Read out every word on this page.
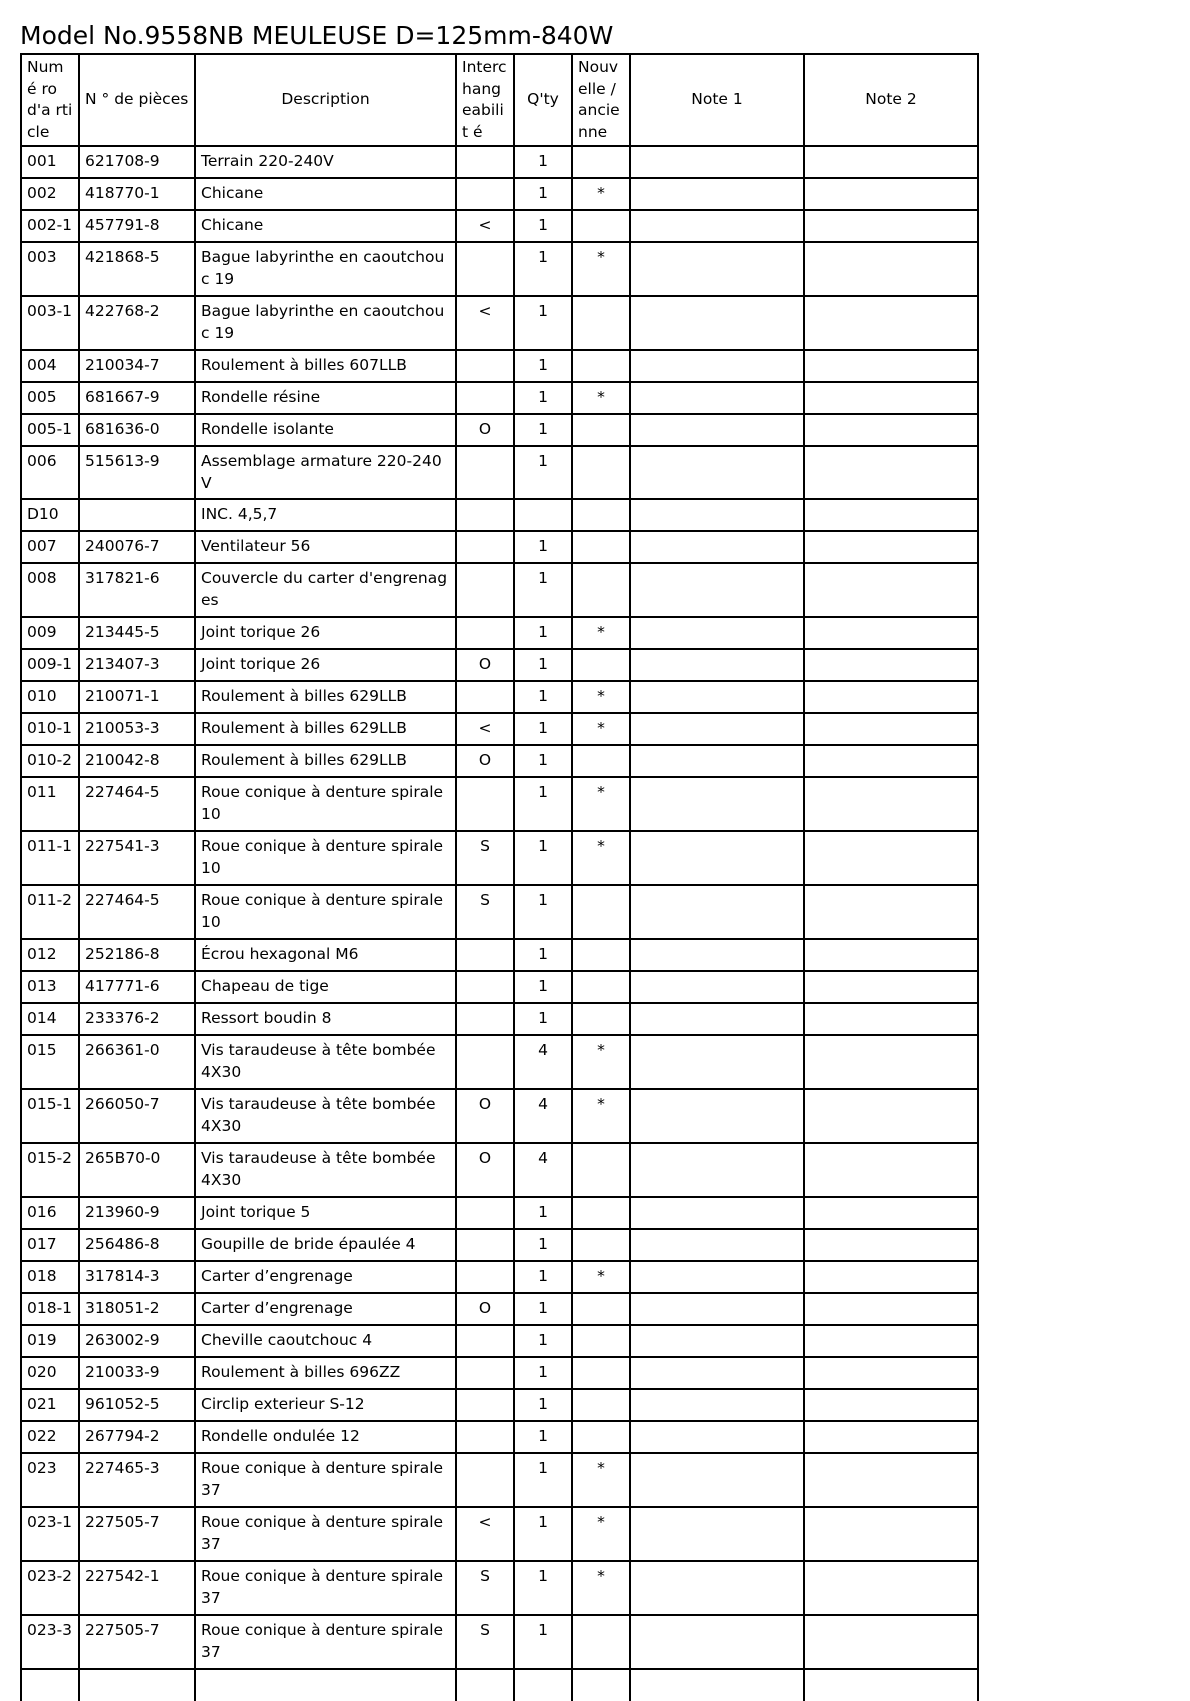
Model No.9558NB MEULEUSE D=125mm-840W
Numé ro d'a rticle	N ° de pièces	Description	Interc hang eabilit é	Q'ty	Nouv elle / ancie nne	Note 1	Note 2
001	621708-9	Terrain 220-240V		1			
002	418770-1	Chicane		1	*		
002-1	457791-8	Chicane	<	1			
003	421868-5	Bague labyrinthe en caoutchouc 19		1	*		
003-1	422768-2	Bague labyrinthe en caoutchouc 19	<	1			
004	210034-7	Roulement à billes 607LLB		1			
005	681667-9	Rondelle résine		1	*		
005-1	681636-0	Rondelle isolante	O	1			
006	515613-9	Assemblage armature 220-240V		1			
D10		INC. 4,5,7					
007	240076-7	Ventilateur 56		1			
008	317821-6	Couvercle du carter d'engrenages		1			
009	213445-5	Joint torique 26		1	*		
009-1	213407-3	Joint torique 26	O	1			
010	210071-1	Roulement à billes 629LLB		1	*		
010-1	210053-3	Roulement à billes 629LLB	<	1	*		
010-2	210042-8	Roulement à billes 629LLB	O	1			
011	227464-5	Roue conique à denture spirale 10		1	*		
011-1	227541-3	Roue conique à denture spirale 10	S	1	*		
011-2	227464-5	Roue conique à denture spirale 10	S	1			
012	252186-8	Écrou hexagonal M6		1			
013	417771-6	Chapeau de tige		1			
014	233376-2	Ressort boudin 8		1			
015	266361-0	Vis taraudeuse à tête bombée 4X30		4	*		
015-1	266050-7	Vis taraudeuse à tête bombée 4X30	O	4	*		
015-2	265B70-0	Vis taraudeuse à tête bombée 4X30	O	4			
016	213960-9	Joint torique 5		1			
017	256486-8	Goupille de bride épaulée 4		1			
018	317814-3	Carter d’engrenage		1	*		
018-1	318051-2	Carter d’engrenage	O	1			
019	263002-9	Cheville caoutchouc 4		1			
020	210033-9	Roulement à billes 696ZZ		1			
021	961052-5	Circlip exterieur S-12		1			
022	267794-2	Rondelle ondulée 12		1			
023	227465-3	Roue conique à denture spirale 37		1	*		
023-1	227505-7	Roue conique à denture spirale 37	<	1	*		
023-2	227542-1	Roue conique à denture spirale 37	S	1	*		
023-3	227505-7	Roue conique à denture spirale 37	S	1			
